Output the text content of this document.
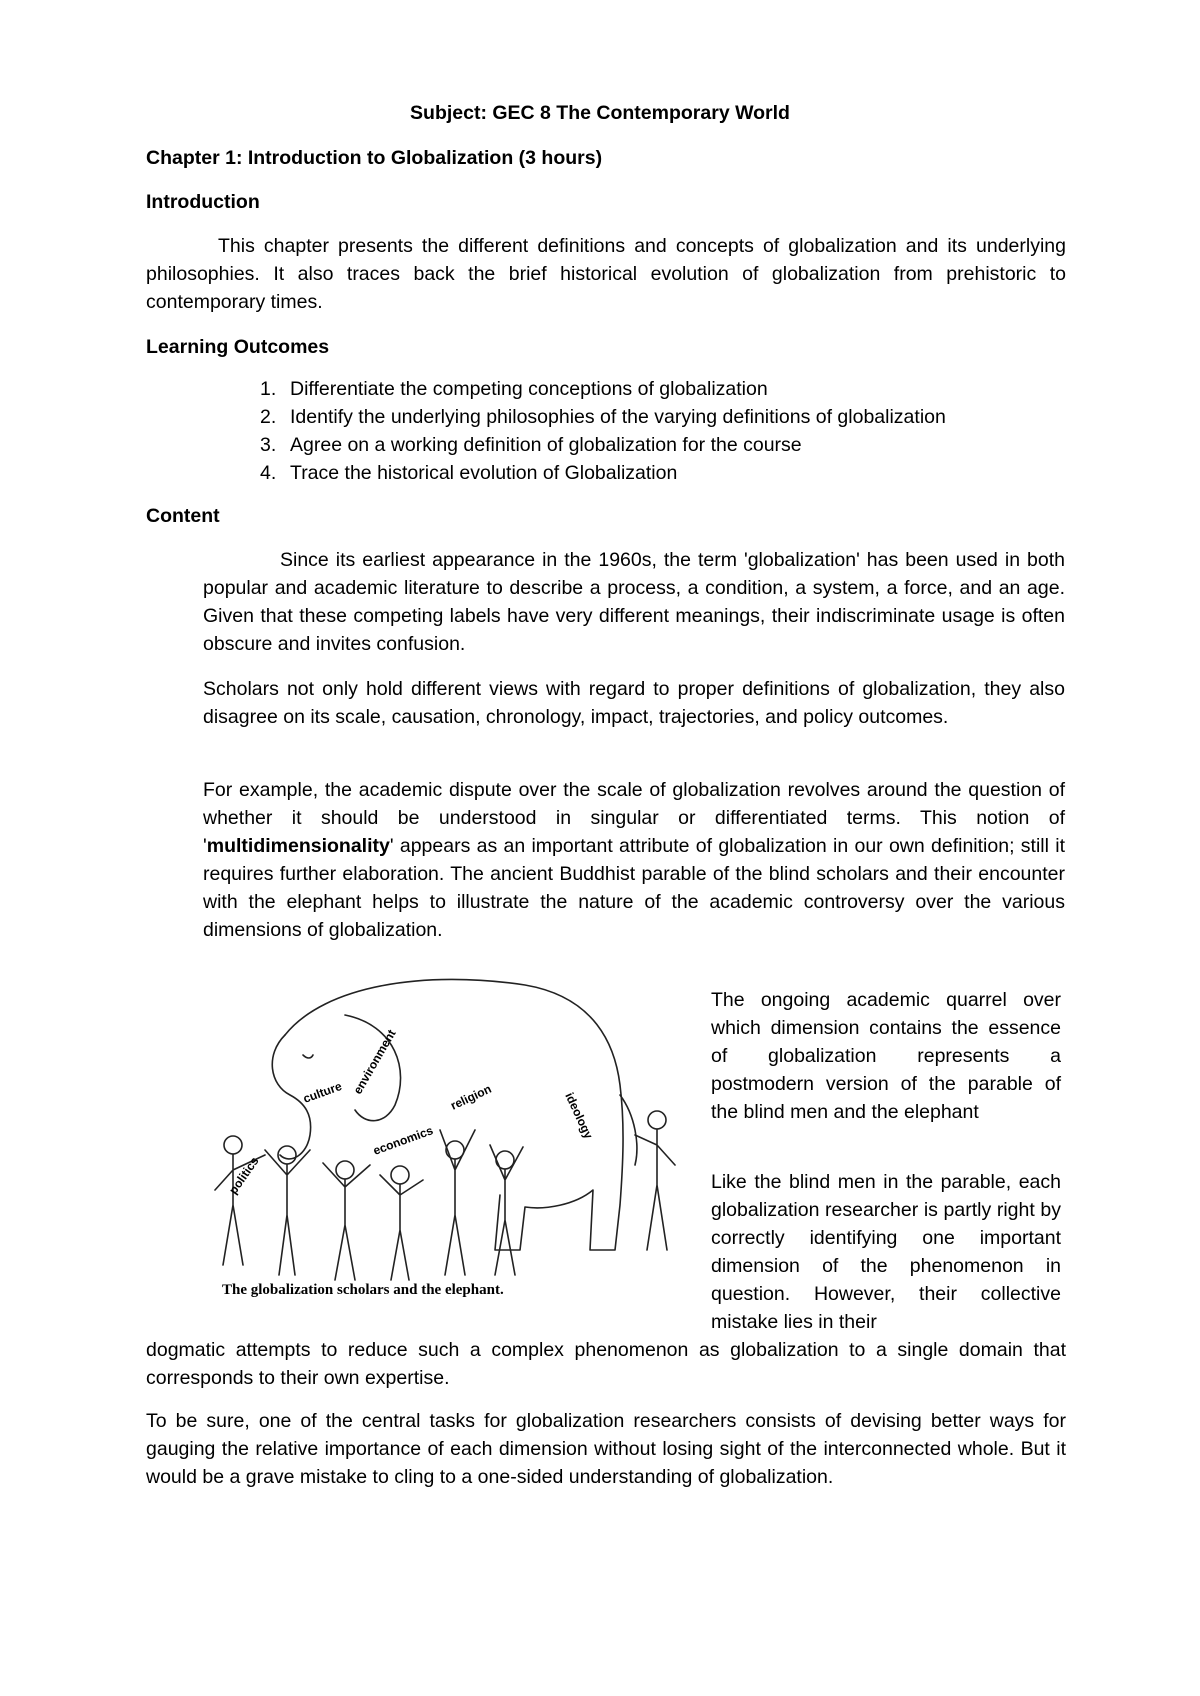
Subject: GEC 8 The Contemporary World
Chapter 1: Introduction to Globalization (3 hours)
Introduction

This chapter presents the different definitions and concepts of globalization and its underlying philosophies. It also traces back the brief historical evolution of globalization from prehistoric to contemporary times.

Learning Outcomes
1. Differentiate the competing conceptions of globalization
2. Identify the underlying philosophies of the varying definitions of globalization
3. Agree on a working definition of globalization for the course
4. Trace the historical evolution of Globalization
Content

Since its earliest appearance in the 1960s, the term 'globalization' has been used in both popular and academic literature to describe a process, a condition, a system, a force, and an age. Given that these competing labels have very different meanings, their indiscriminate usage is often obscure and invites confusion.

Scholars not only hold different views with regard to proper definitions of globalization, they also disagree on its scale, causation, chronology, impact, trajectories, and policy outcomes.

For example, the academic dispute over the scale of globalization revolves around the question of whether it should be understood in singular or differentiated terms. This notion of 'multidimensionality' appears as an important attribute of globalization in our own definition; still it requires further elaboration. The ancient Buddhist parable of the blind scholars and their encounter with the elephant helps to illustrate the nature of the academic controversy over the various dimensions of globalization.

culture environment
politics
economics
religion	ideology
The globalization scholars and the elephant.

The ongoing academic quarrel over which dimension contains the essence of globalization represents a postmodern version of the parable of the blind men and the elephant

Like the blind men in the parable, each globalization researcher is partly right by correctly identifying one important dimension of the phenomenon in question. However, their collective mistake lies in their

dogmatic attempts to reduce such a complex phenomenon as globalization to a single domain that corresponds to their own expertise.

To be sure, one of the central tasks for globalization researchers consists of devising better ways for gauging the relative importance of each dimension without losing sight of the interconnected whole. But it would be a grave mistake to cling to a one-sided understanding of globalization.
